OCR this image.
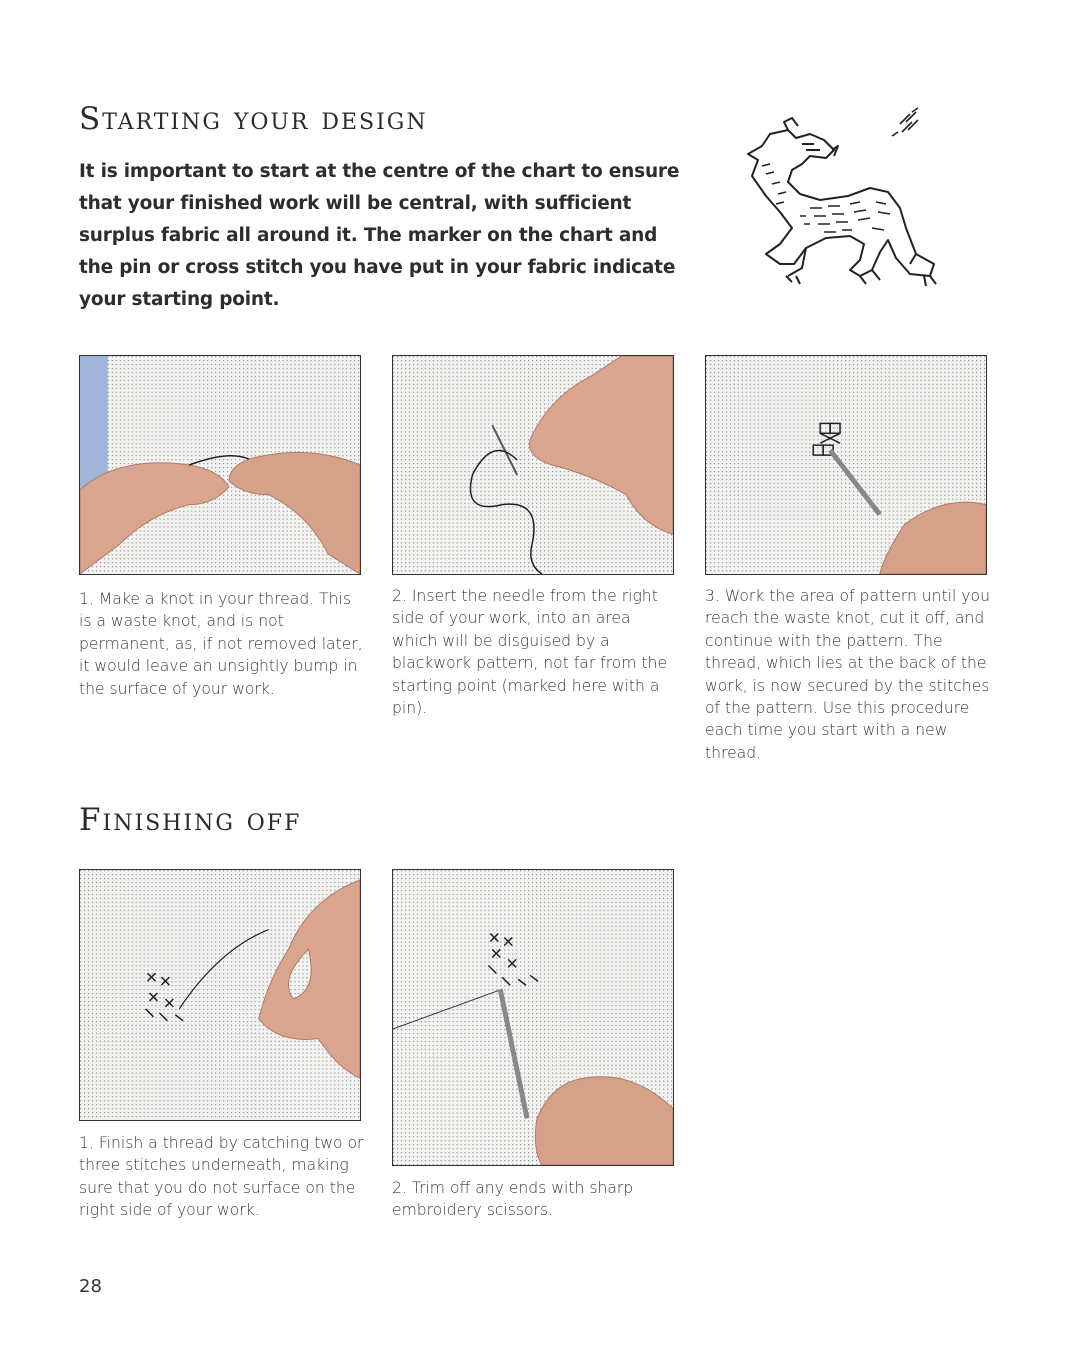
Starting your design

It is important to start at the centre of the chart to ensure that your finished work will be central, with sufficient surplus fabric all around it. The marker on the chart and the pin or cross stitch you have put in your fabric indicate your starting point.

1. Make a knot in your thread. This is a waste knot, and is not permanent, as, if not removed later, it would leave an unsightly bump in the surface of your work.

2. Insert the needle from the right side of your work, into an area which will be disguised by a blackwork pattern, not far from the starting point (marked here with a pin).

3. Work the area of pattern until you reach the waste knot, cut it off, and continue with the pattern. The thread, which lies at the back of the work, is now secured by the stitches of the pattern. Use this procedure each time you start with a new thread.

Finishing off

1. Finish a thread by catching two or three stitches underneath, making sure that you do not surface on the right side of your work.

2. Trim off any ends with sharp embroidery scissors.

28
